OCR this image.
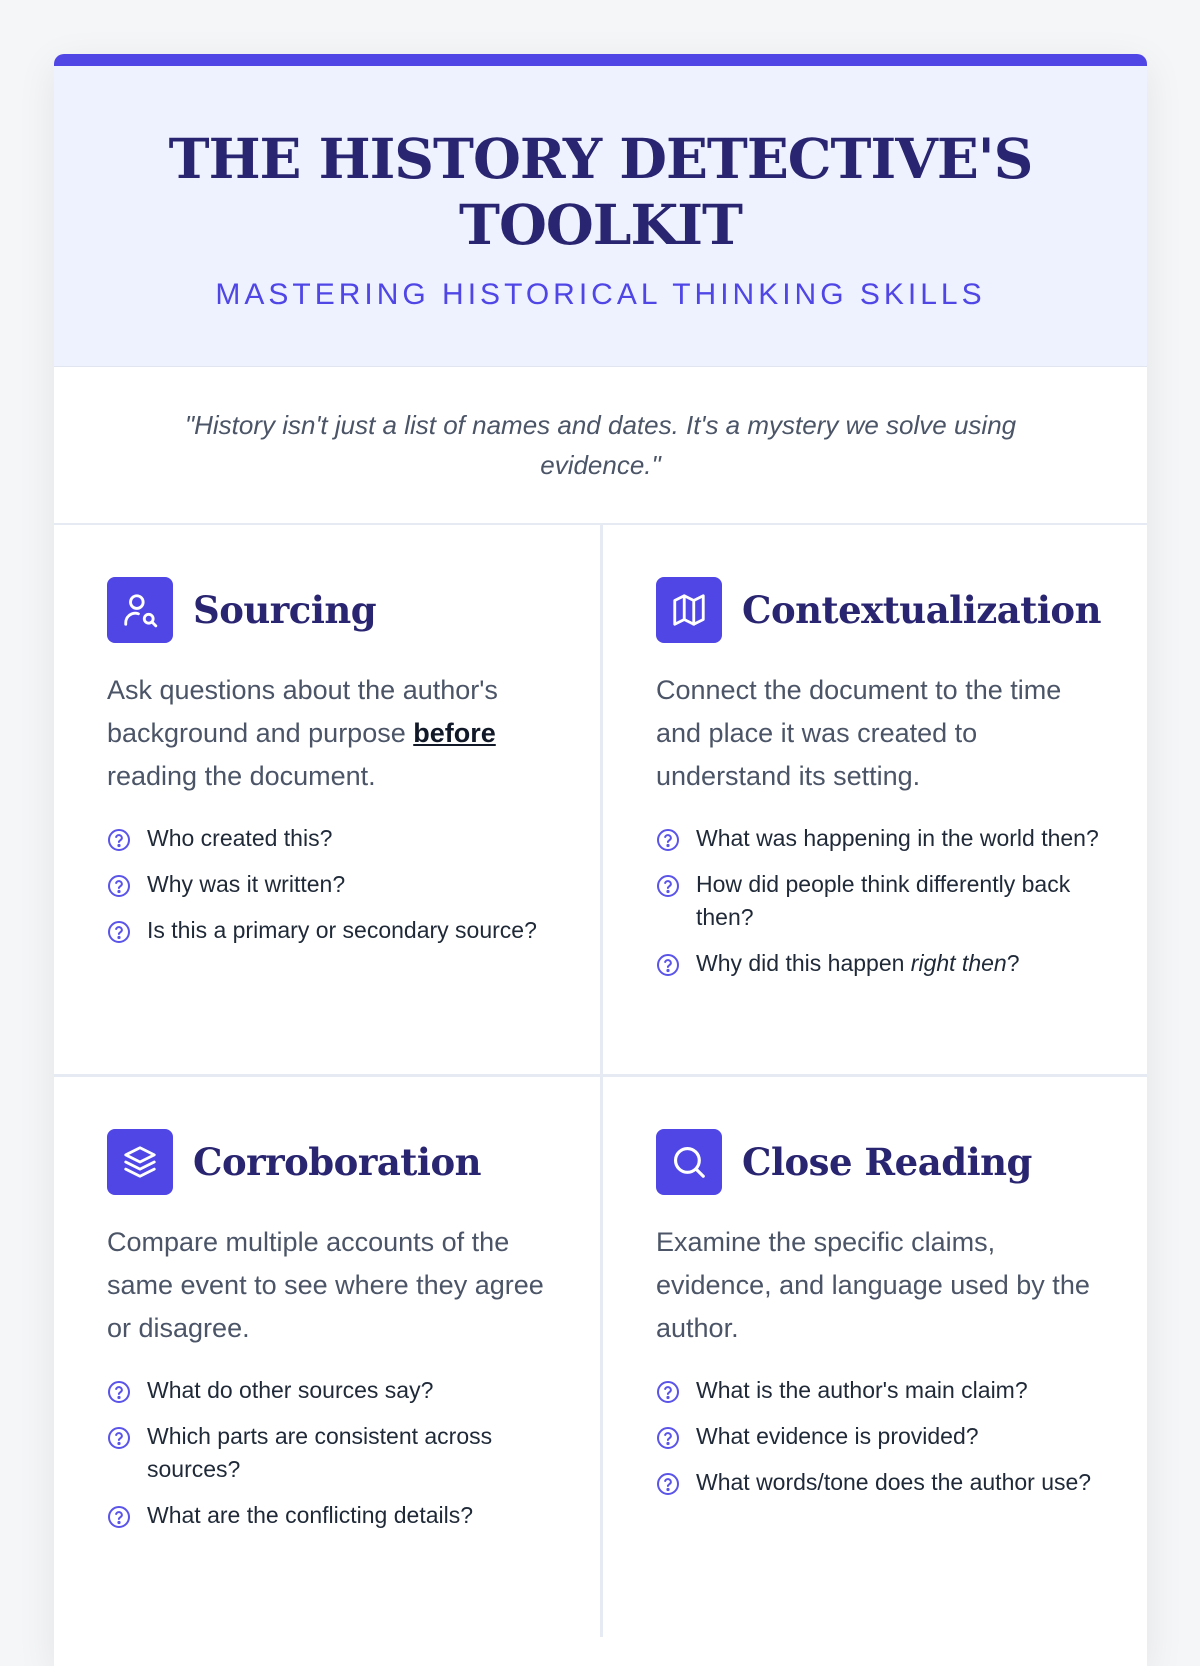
THE HISTORY DETECTIVE'S TOOLKIT
MASTERING HISTORICAL THINKING SKILLS
"History isn't just a list of names and dates. It's a mystery we solve using evidence."
Sourcing
Ask questions about the author's background and purpose before reading the document.
Who created this?
Why was it written?
Is this a primary or secondary source?
Contextualization
Connect the document to the time and place it was created to understand its setting.
What was happening in the world then?
How did people think differently back then?
Why did this happen right then?
Corroboration
Compare multiple accounts of the same event to see where they agree or disagree.
What do other sources say?
Which parts are consistent across sources?
What are the conflicting details?
Close Reading
Examine the specific claims, evidence, and language used by the author.
What is the author's main claim?
What evidence is provided?
What words/tone does the author use?
